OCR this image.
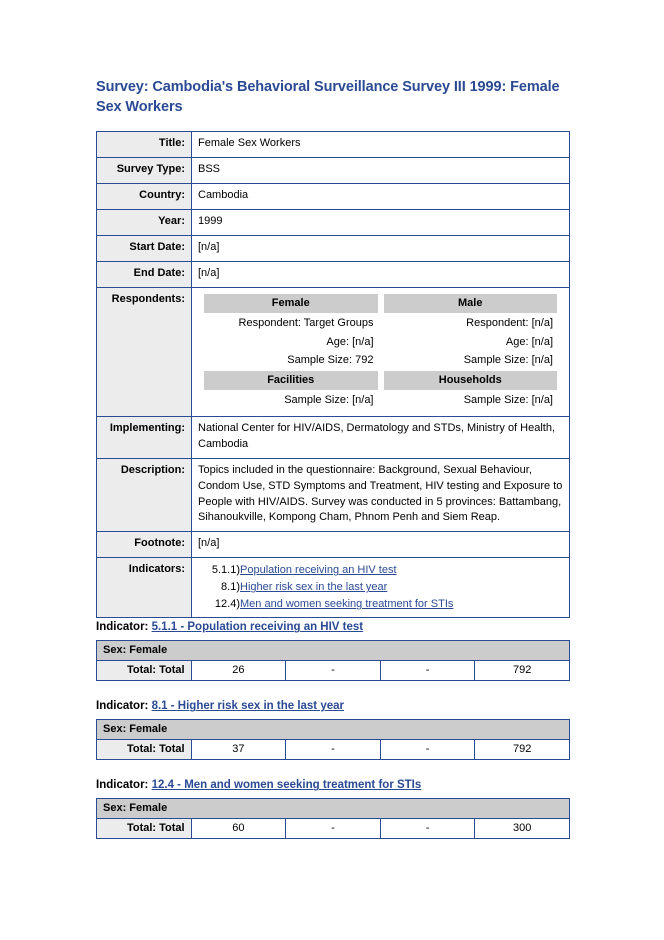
Survey: Cambodia's Behavioral Surveillance Survey III 1999: Female Sex Workers
Title:	Female Sex Workers
Survey Type:	BSS
Country:	Cambodia
Year:	1999
Start Date:	[n/a]
End Date:	[n/a]
Respondents:		Female	Male
Respondent: Target Groups	Respondent: [n/a]
Age: [n/a]	Age: [n/a]
Sample Size: 792	Sample Size: [n/a]
Facilities	Households
Sample Size: [n/a]	Sample Size: [n/a]

Implementing:	National Center for HIV/AIDS, Dermatology and STDs, Ministry of Health, Cambodia
Description:	Topics included in the questionnaire: Background, Sexual Behaviour, Condom Use, STD Symptoms and Treatment, HIV testing and Exposure to People with HIV/AIDS. Survey was conducted in 5 provinces: Battambang, Sihanoukville, Kompong Cham, Phnom Penh and Siem Reap.
Footnote:	[n/a]
Indicators:	5.1.1)	Population receiving an HIV test
8.1)	Higher risk sex in the last year
12.4)	Men and women seeking treatment for STIs
Indicator: 5.1.1 - Population receiving an HIV test
Sex: Female
Total: Total	26	-	-	792
Indicator: 8.1 - Higher risk sex in the last year
Sex: Female
Total: Total	37	-	-	792
Indicator: 12.4 - Men and women seeking treatment for STIs
Sex: Female
Total: Total	60	-	-	300
